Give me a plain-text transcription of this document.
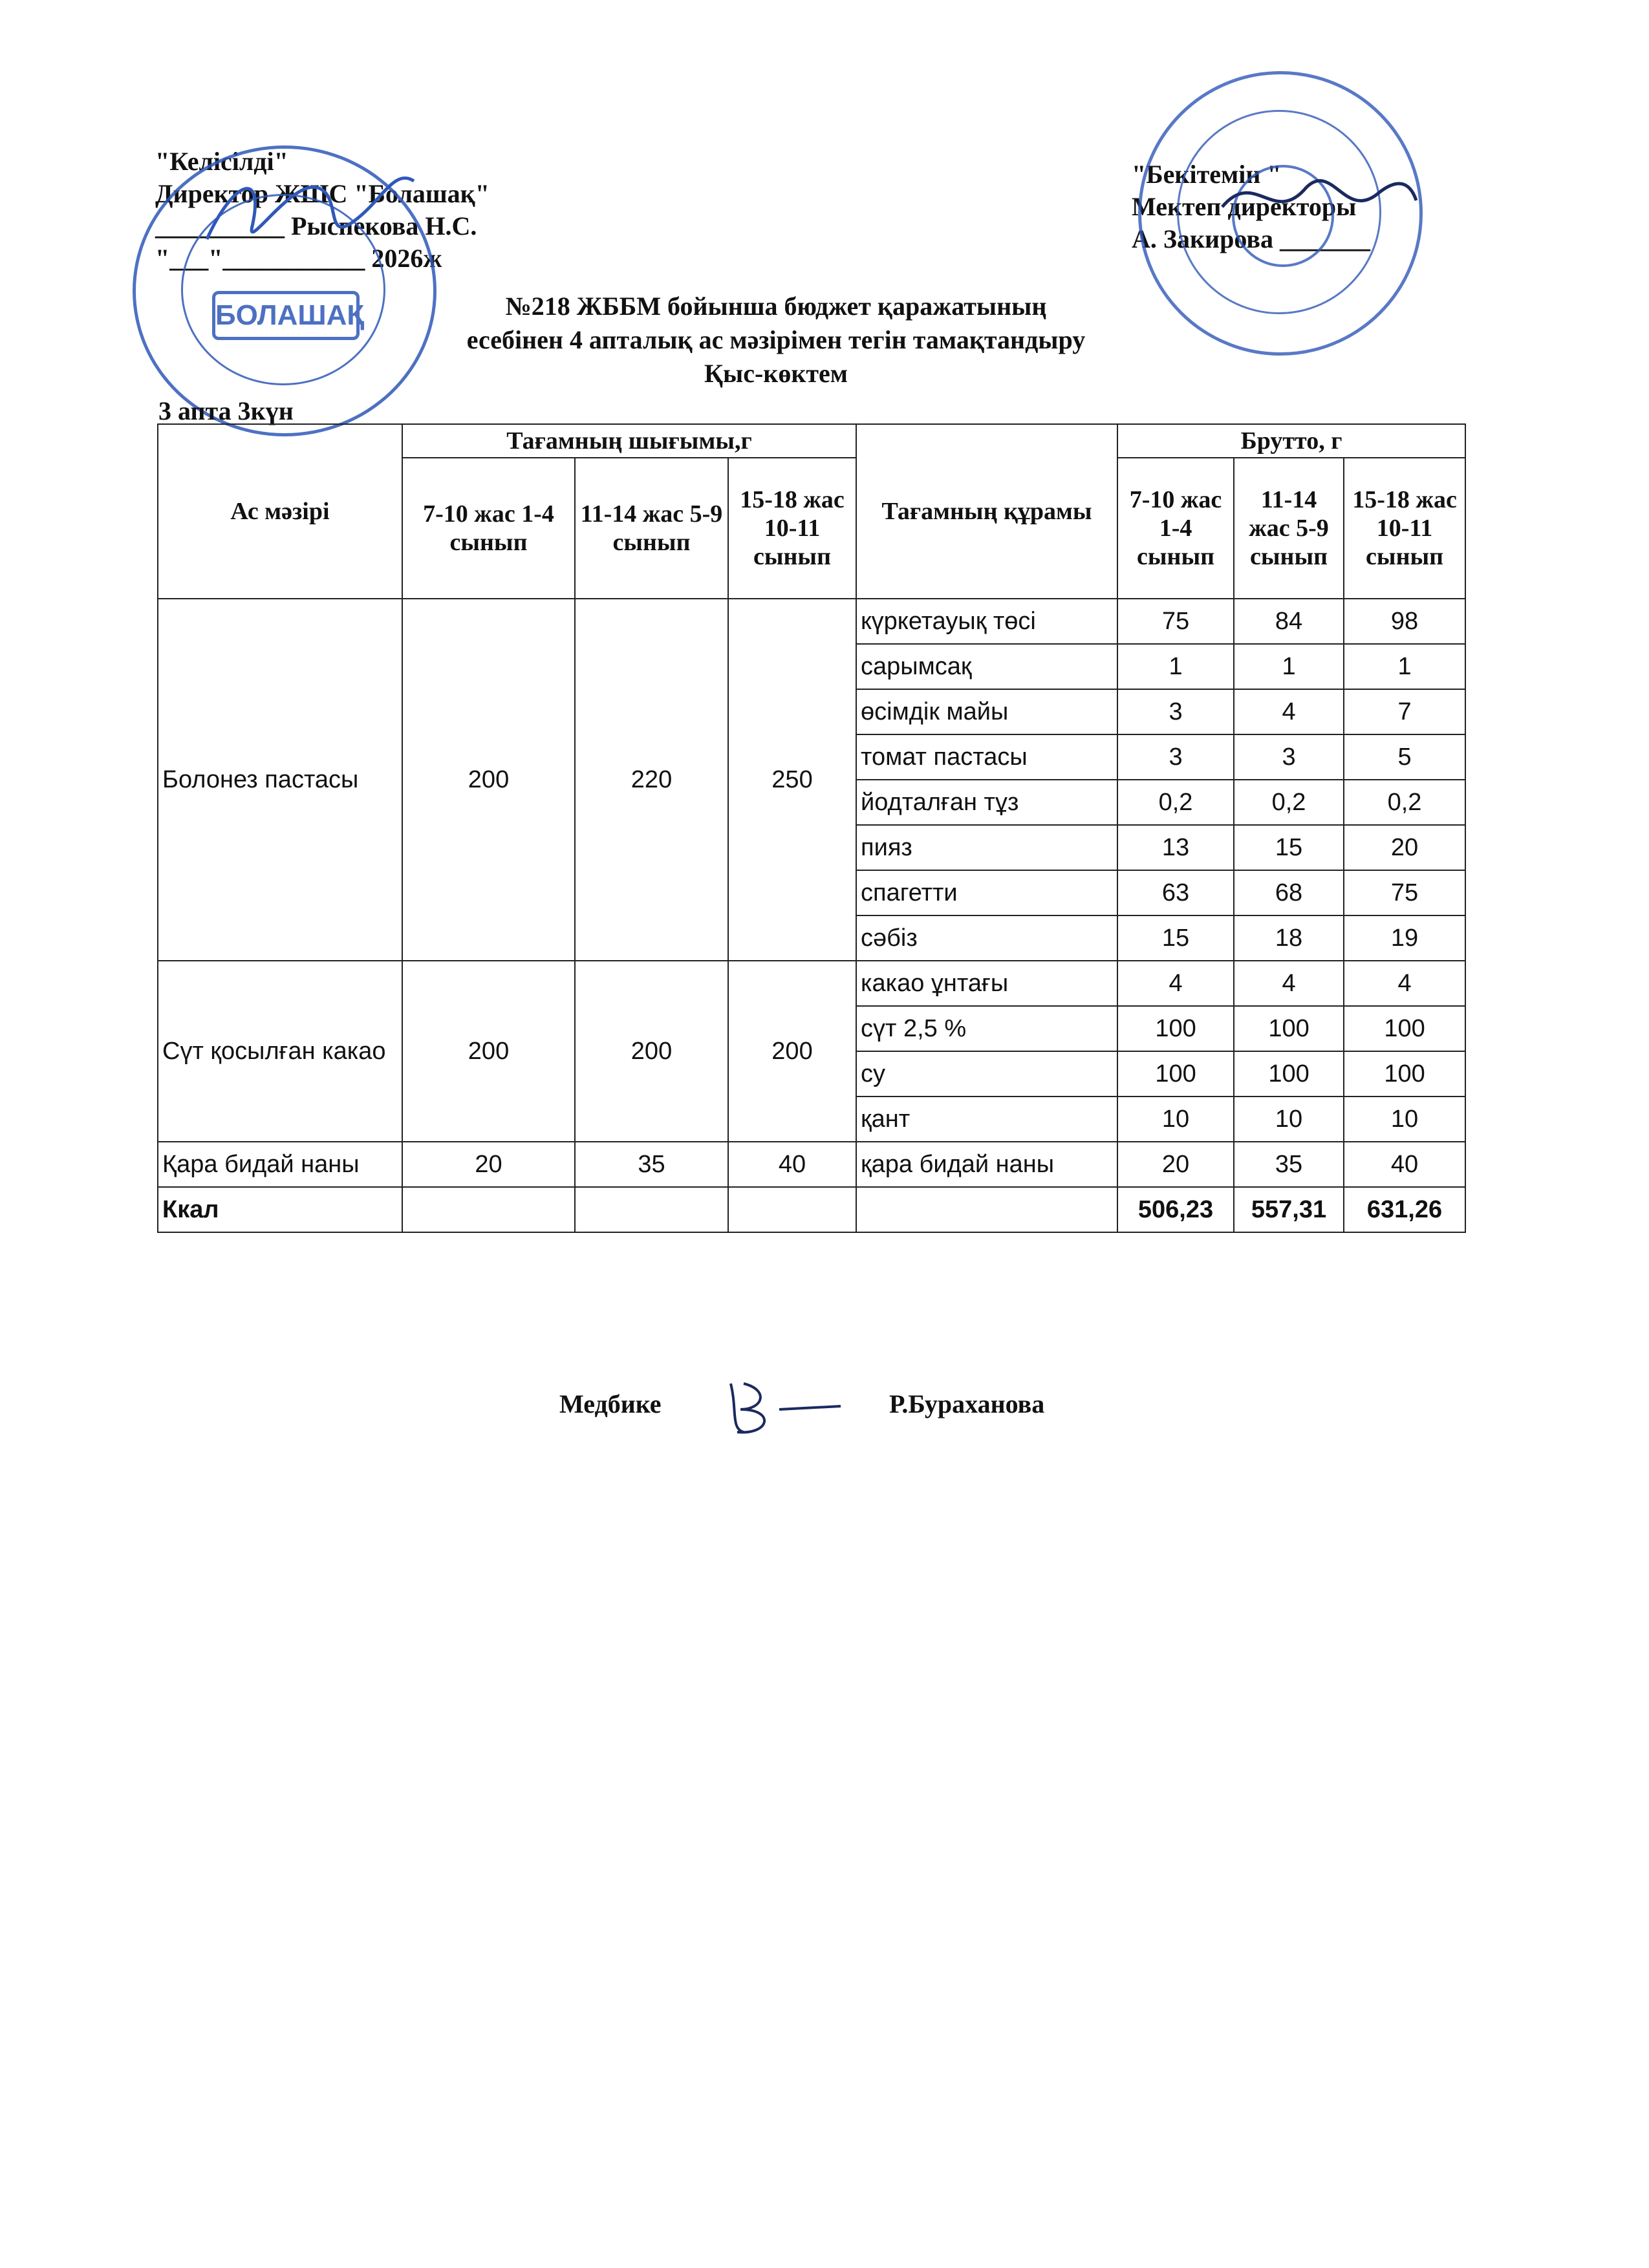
"Келісілді"
Директор ЖШС "Болашақ"
__________ Рыспекова Н.С.
"___"___________ 2026ж
БОЛАШАҚ
"Бекітемін "
Мектеп директоры
А. Закирова _______
№218 ЖББМ бойынша бюджет қаражатының
есебінен 4 апталық ас мәзірімен тегін тамақтандыру
Қыс-көктем
3 апта 3күн
Ас мәзірі	Тағамның шығымы,г			Тағамның құрамы	Брутто, г		
	7-10 жас 1-4 сынып	11-14 жас 5-9 сынып	15-18 жас 10-11 сынып		7-10 жас 1-4 сынып	11-14 жас 5-9 сынып	15-18 жас 10-11 сынып
Болонез пастасы	200	220	250	күркетауық төсі	75	84	98
				сарымсақ	1	1	1
				өсімдік майы	3	4	7
				томат пастасы	3	3	5
				йодталған тұз	0,2	0,2	0,2
				пияз	13	15	20
				спагетти	63	68	75
				сәбіз	15	18	19
Сүт қосылған какао	200	200	200	какао ұнтағы	4	4	4
				сүт 2,5 %	100	100	100
				су	100	100	100
				қант	10	10	10
Қара бидай наны	20	35	40	қара бидай наны	20	35	40
Ккал					506,23	557,31	631,26
Медбике	Р.Бураханова
